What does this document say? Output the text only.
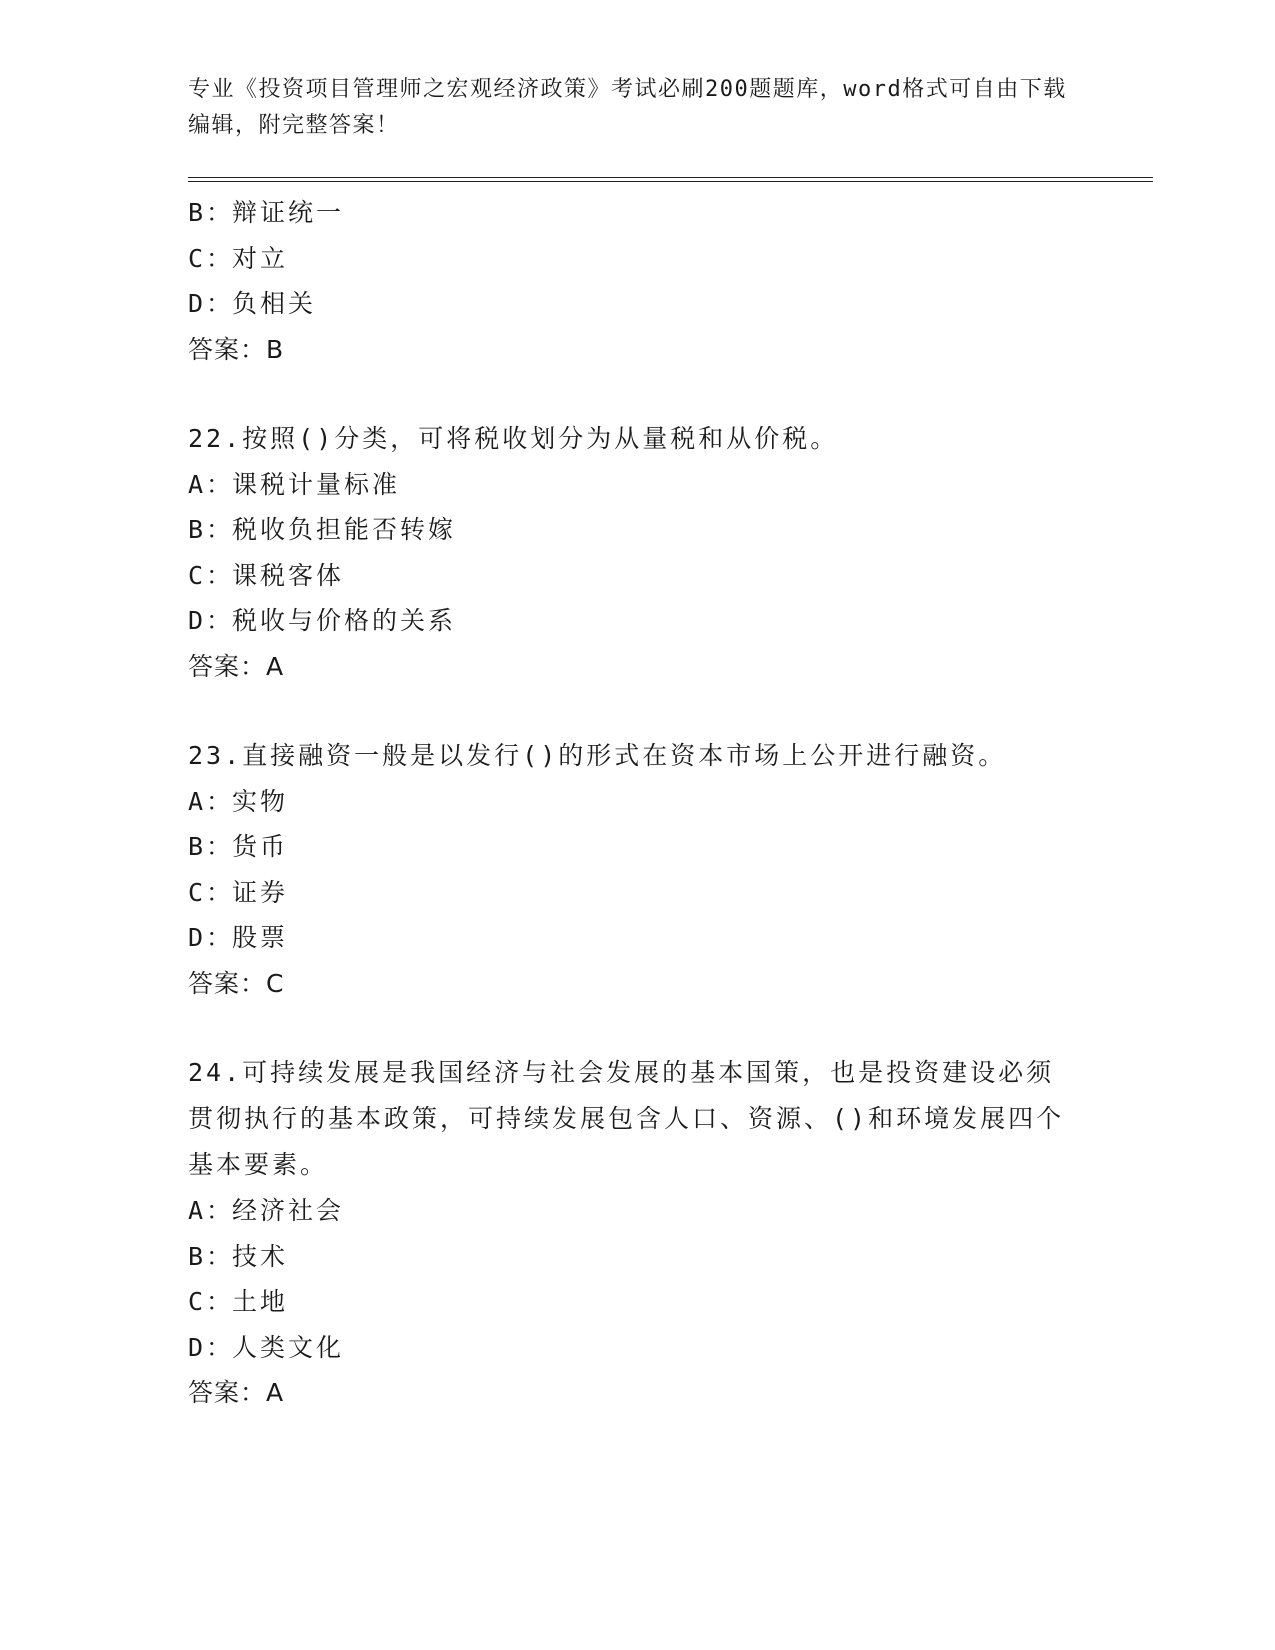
专业《投资项目管理师之宏观经济政策》考试必刷200题题库，word格式可自由下载编辑，附完整答案！
B：辩证统一
C：对立
D：负相关
答案：B
22.按照()分类，可将税收划分为从量税和从价税。
A：课税计量标准
B：税收负担能否转嫁
C：课税客体
D：税收与价格的关系
答案：A
23.直接融资一般是以发行()的形式在资本市场上公开进行融资。
A：实物
B：货币
C：证券
D：股票
答案：C
24.可持续发展是我国经济与社会发展的基本国策，也是投资建设必须贯彻执行的基本政策，可持续发展包含人口、资源、()和环境发展四个基本要素。
A：经济社会
B：技术
C：土地
D：人类文化
答案：A
